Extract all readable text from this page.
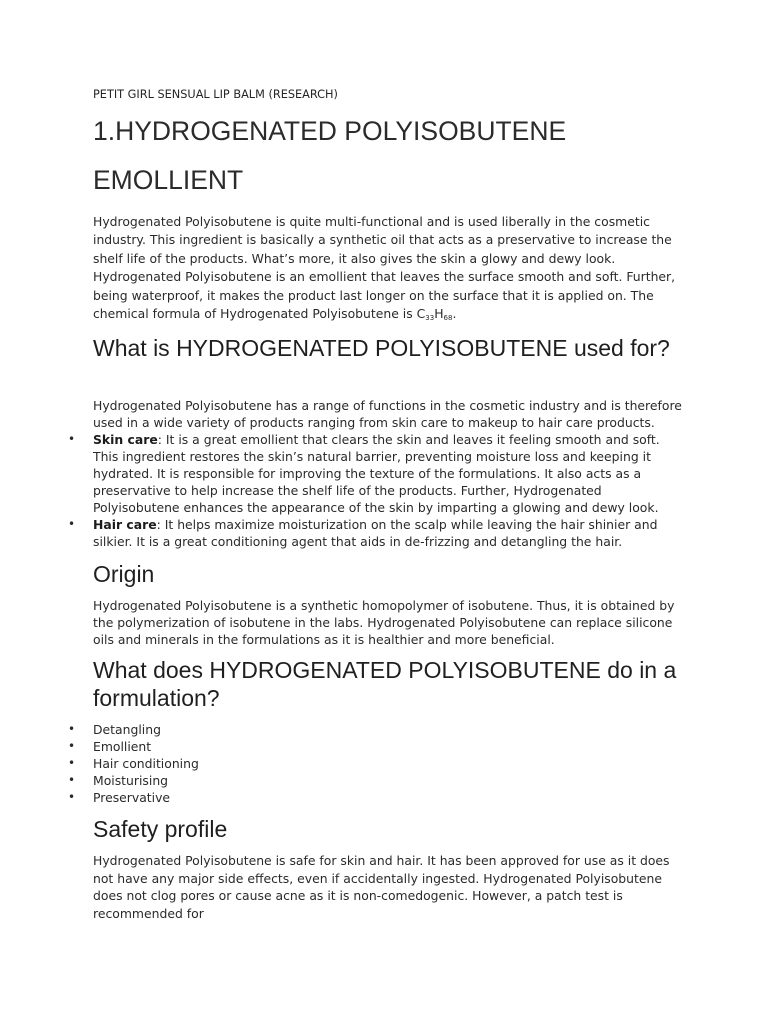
PETIT GIRL SENSUAL LIP BALM (RESEARCH)
1.HYDROGENATED POLYISOBUTENE
EMOLLIENT

Hydrogenated Polyisobutene is quite multi-functional and is used liberally in the cosmetic industry. This ingredient is basically a synthetic oil that acts as a preservative to increase the shelf life of the products. What’s more, it also gives the skin a glowy and dewy look. Hydrogenated Polyisobutene is an emollient that leaves the surface smooth and soft. Further, being waterproof, it makes the product last longer on the surface that it is applied on. The chemical formula of Hydrogenated Polyisobutene is $C_{33}H_{68}$.

What is HYDROGENATED POLYISOBUTENE used for?

Hydrogenated Polyisobutene has a range of functions in the cosmetic industry and is therefore used in a wide variety of products ranging from skin care to makeup to hair care products.

• Skin care: It is a great emollient that clears the skin and leaves it feeling smooth and soft. This ingredient restores the skin’s natural barrier, preventing moisture loss and keeping it hydrated. It is responsible for improving the texture of the formulations. It also acts as a preservative to help increase the shelf life of the products. Further, Hydrogenated Polyisobutene enhances the appearance of the skin by imparting a glowing and dewy look.
• Hair care: It helps maximize moisturization on the scalp while leaving the hair shinier and silkier. It is a great conditioning agent that aids in de-frizzing and detangling the hair.
Origin

Hydrogenated Polyisobutene is a synthetic homopolymer of isobutene. Thus, it is obtained by the polymerization of isobutene in the labs. Hydrogenated Polyisobutene can replace silicone oils and minerals in the formulations as it is healthier and more beneficial.

What does HYDROGENATED POLYISOBUTENE do in a formulation?
• Detangling
• Emollient
• Hair conditioning
• Moisturising
• Preservative
Safety profile

Hydrogenated Polyisobutene is safe for skin and hair. It has been approved for use as it does not have any major side effects, even if accidentally ingested. Hydrogenated Polyisobutene does not clog pores or cause acne as it is non-comedogenic. However, a patch test is recommended for
